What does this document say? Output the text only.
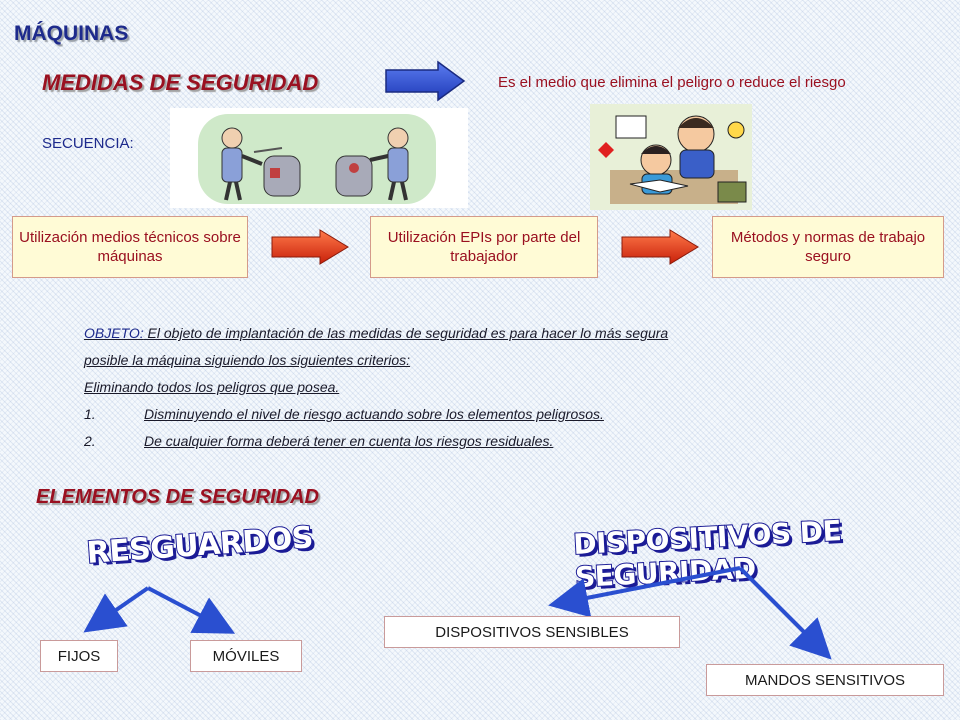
MÁQUINAS
MEDIDAS DE SEGURIDAD	Es el medio que elimina el peligro o reduce el riesgo
SECUENCIA:
Utilización medios técnicos sobre máquinas
Utilización EPIs por parte del trabajador
Métodos y normas de trabajo seguro

OBJETO: El objeto de implantación de las medidas de seguridad es para hacer lo más segura

posible la máquina siguiendo los siguientes criterios:

Eliminando todos los peligros que posea.

1.	Disminuyendo el nivel de riesgo actuando sobre los elementos peligrosos.

2.	De cualquier forma deberá tener en cuenta los riesgos residuales.

ELEMENTOS DE SEGURIDAD
RESGUARDOS	DISPOSITIVOS DE SEGURIDAD
FIJOS	MÓVILES
DISPOSITIVOS SENSIBLES
MANDOS SENSITIVOS
